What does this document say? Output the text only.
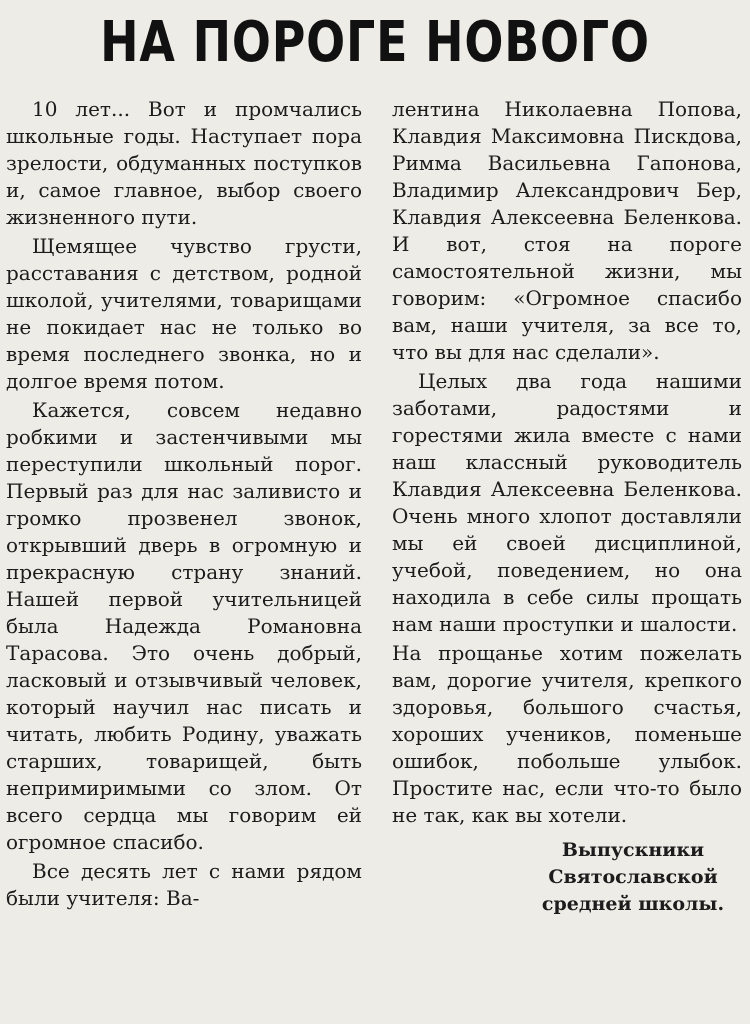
НА ПОРОГЕ НОВОГО

10 лет... Вот и промчались школьные годы. Наступает пора зрелости, обдуманных поступков и, самое главное, выбор своего жизненного пути.

Щемящее чувство грусти, расставания с детством, родной школой, учителями, товарищами не покидает нас не только во время последнего звонка, но и долгое время потом.

Кажется, совсем недавно робкими и застенчивыми мы переступили школьный порог. Первый раз для нас заливисто и громко прозвенел звонок, открывший дверь в огромную и прекрасную страну знаний. Нашей первой учительницей была Надежда Романовна Тарасова. Это очень добрый, ласковый и отзывчивый человек, который научил нас писать и читать, любить Родину, уважать старших, товарищей, быть непримиримыми со злом. От всего сердца мы говорим ей огромное спасибо.

Все десять лет с нами рядом были учителя: Ва-

лентина Николаевна Попова, Клавдия Максимовна Пискдова, Римма Васильевна Гапонова, Владимир Александрович Бер, Клавдия Алексеевна Беленкова. И вот, стоя на пороге самостоятельной жизни, мы говорим: «Огромное спасибо вам, наши учителя, за все то, что вы для нас сделали».

Целых два года нашими заботами, радостями и горестями жила вместе с нами наш классный руководитель Клавдия Алексеевна Беленкова. Очень много хлопот доставляли мы ей своей дисциплиной, учебой, поведением, но она находила в себе силы прощать нам наши проступки и шалости.

На прощанье хотим пожелать вам, дорогие учителя, крепкого здоровья, большого счастья, хороших учеников, поменьше ошибок, побольше улыбок. Простите нас, если что-то было не так, как вы хотели.

Выпускники
Святославской
средней школы.
